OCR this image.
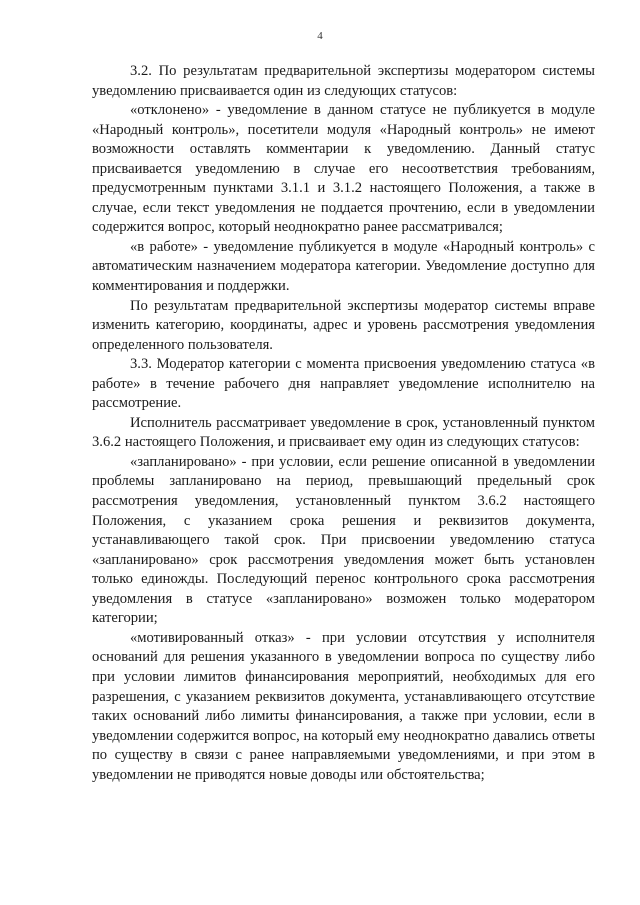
4

3.2. По результатам предварительной экспертизы модератором системы уведомлению присваивается один из следующих статусов:

«отклонено» - уведомление в данном статусе не публикуется в модуле «Народный контроль», посетители модуля «Народный контроль» не имеют возможности оставлять комментарии к уведомлению. Данный статус присваивается уведомлению в случае его несоответствия требованиям, предусмотренным пунктами 3.1.1 и 3.1.2 настоящего Положения, а также в случае, если текст уведомления не поддается прочтению, если в уведомлении содержится вопрос, который неоднократно ранее рассматривался;

«в работе» - уведомление публикуется в модуле «Народный контроль» с автоматическим назначением модератора категории. Уведомление доступно для комментирования и поддержки.

По результатам предварительной экспертизы модератор системы вправе изменить категорию, координаты, адрес и уровень рассмотрения уведомления определенного пользователя.

3.3. Модератор категории с момента присвоения уведомлению статуса «в работе» в течение рабочего дня направляет уведомление исполнителю на рассмотрение.

Исполнитель рассматривает уведомление в срок, установленный пунктом 3.6.2 настоящего Положения, и присваивает ему один из следующих статусов:

«запланировано» - при условии, если решение описанной в уведомлении проблемы запланировано на период, превышающий предельный срок рассмотрения уведомления, установленный пунктом 3.6.2 настоящего Положения, с указанием срока решения и реквизитов документа, устанавливающего такой срок. При присвоении уведомлению статуса «запланировано» срок рассмотрения уведомления может быть установлен только единожды. Последующий перенос контрольного срока рассмотрения уведомления в статусе «запланировано» возможен только модератором категории;

«мотивированный отказ» - при условии отсутствия у исполнителя оснований для решения указанного в уведомлении вопроса по существу либо при условии лимитов финансирования мероприятий, необходимых для его разрешения, с указанием реквизитов документа, устанавливающего отсутствие таких оснований либо лимиты финансирования, а также при условии, если в уведомлении содержится вопрос, на который ему неоднократно давались ответы по существу в связи с ранее направляемыми уведомлениями, и при этом в уведомлении не приводятся новые доводы или обстоятельства;
